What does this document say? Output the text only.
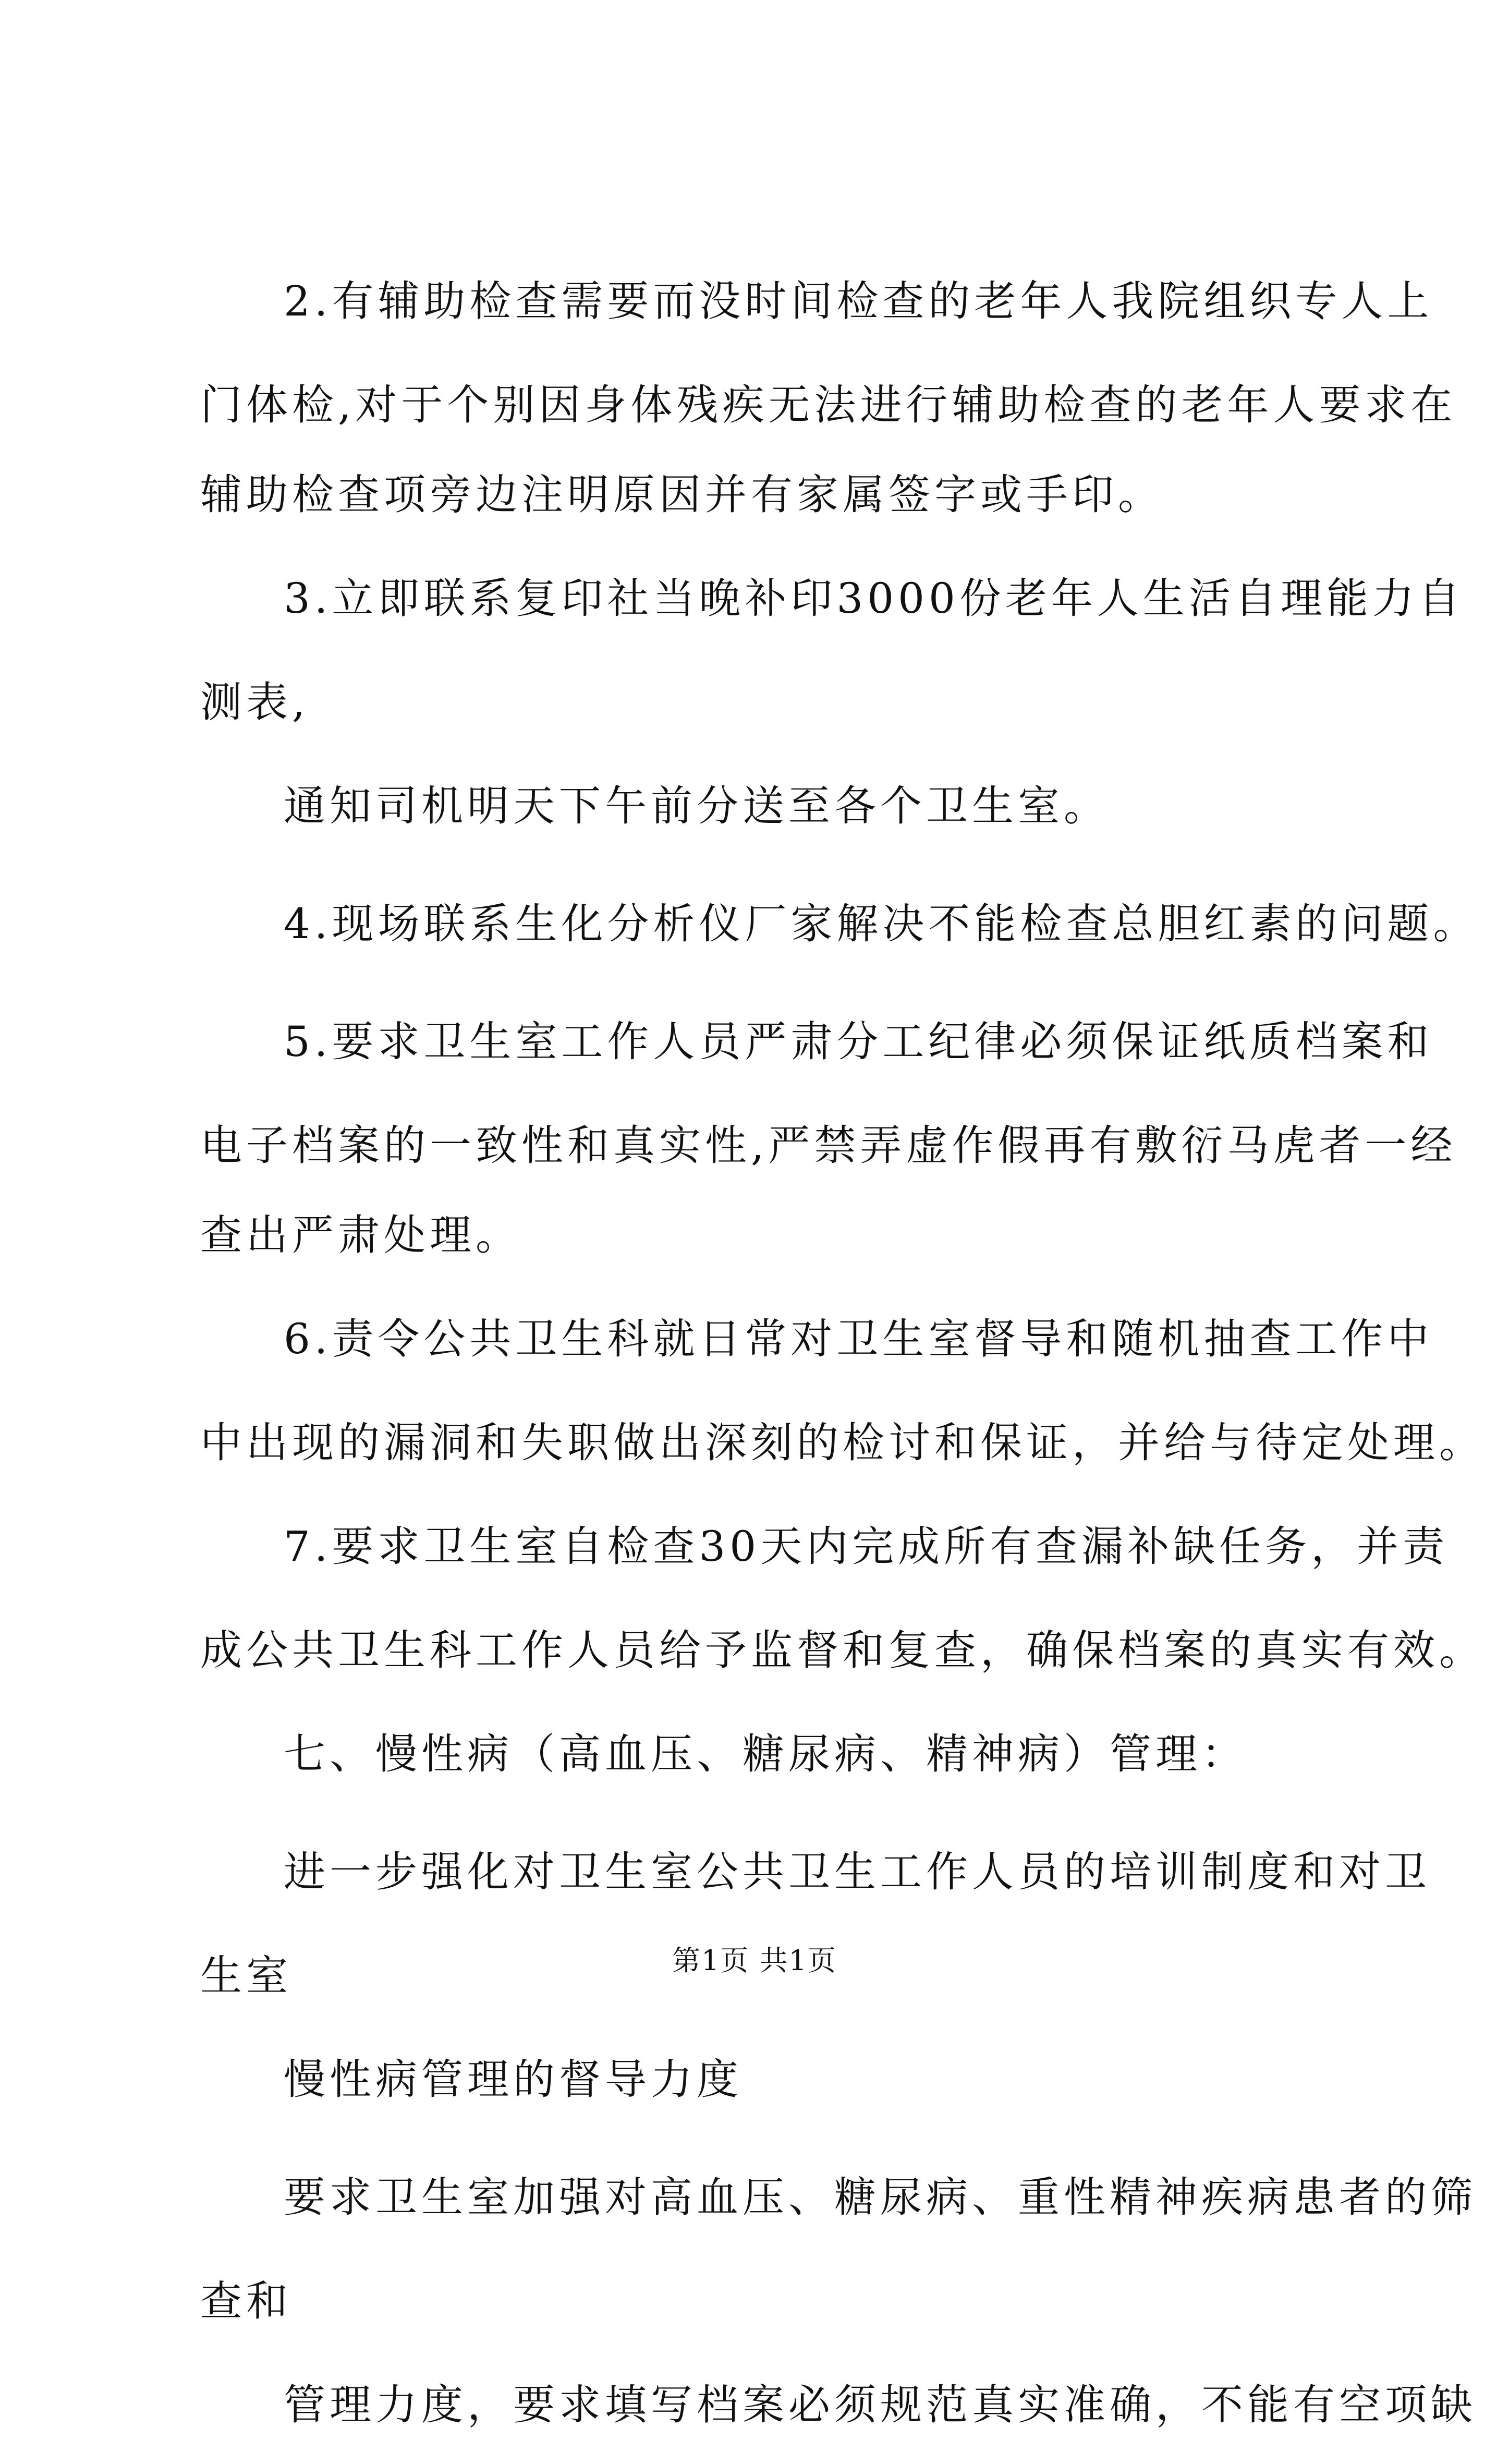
2.有辅助检查需要而没时间检查的老年人我院组织专人上
门体检,对于个别因身体残疾无法进行辅助检查的老年人要求在
辅助检查项旁边注明原因并有家属签字或手印。
3.立即联系复印社当晚补印3000份老年人生活自理能力自
测表,
通知司机明天下午前分送至各个卫生室。
4.现场联系生化分析仪厂家解决不能检查总胆红素的问题。
5.要求卫生室工作人员严肃分工纪律必须保证纸质档案和
电子档案的一致性和真实性,严禁弄虚作假再有敷衍马虎者一经
查出严肃处理。
6.责令公共卫生科就日常对卫生室督导和随机抽查工作中
中出现的漏洞和失职做出深刻的检讨和保证，并给与待定处理。
7.要求卫生室自检查30天内完成所有查漏补缺任务，并责
成公共卫生科工作人员给予监督和复查，确保档案的真实有效。
七、慢性病（高血压、糖尿病、精神病）管理：
进一步强化对卫生室公共卫生工作人员的培训制度和对卫
生室
慢性病管理的督导力度
要求卫生室加强对高血压、糖尿病、重性精神疾病患者的筛
查和
管理力度，要求填写档案必须规范真实准确，不能有空项缺
第1页 共1页
